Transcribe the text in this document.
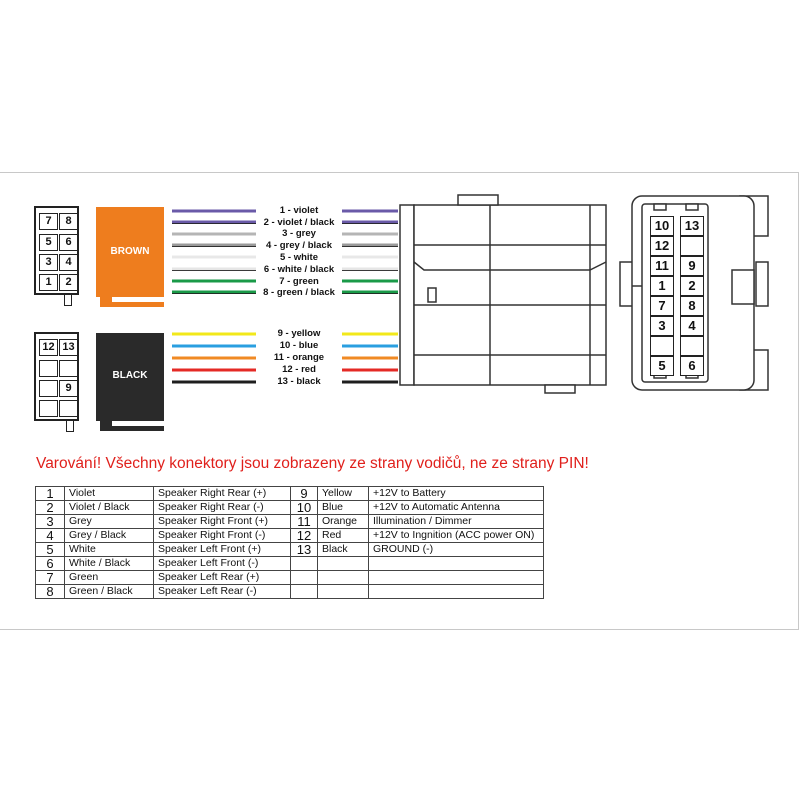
7	8
5	6
3	4
1	2
12 13
9
BROWN
BLACK
1 - violet
2 - violet / black
3 - grey
4 - grey / black
5 - white
6 - white / black
7 - green
8 - green / black
9 - yellow
10 - blue
11 - orange
12 - red
13 - black
10	13
12
11	9
1	2
7	8
3	4
5	6
Varování! Všechny konektory jsou zobrazeny ze strany vodičů, ne ze strany PIN!
1	Violet	Speaker Right Rear (+)	9	Yellow	+12V to Battery
2	Violet / Black	Speaker Right Rear (-)	10	Blue	+12V to Automatic Antenna
3	Grey	Speaker Right Front (+)	11	Orange	Illumination / Dimmer
4	Grey / Black	Speaker Right Front (-)	12	Red	+12V to Ingnition (ACC power ON)
5	White	Speaker Left Front (+)	13	Black	GROUND (-)
6	White / Black	Speaker Left Front (-)			
7	Green	Speaker Left Rear (+)			
8	Green / Black	Speaker Left Rear (-)			
